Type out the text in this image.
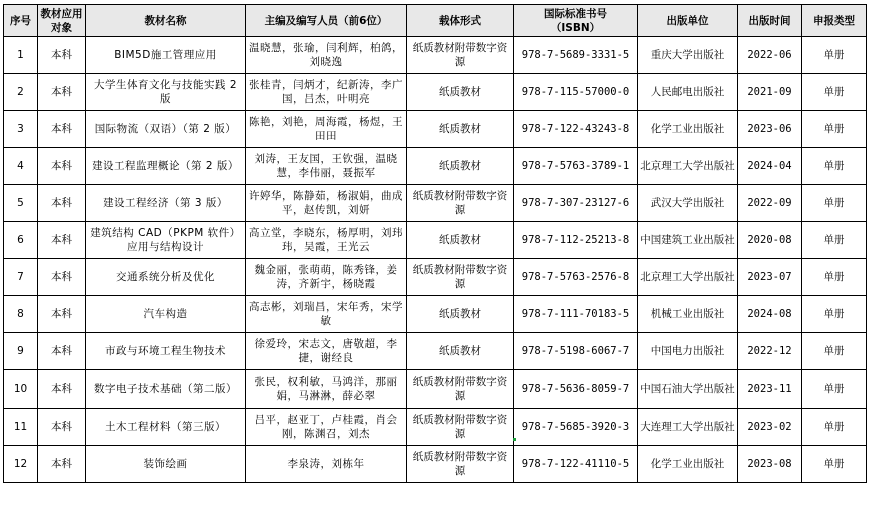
序号	教材应用对象	教材名称	主编及编写人员（前6位）	载体形式	国际标准书号
（ISBN）	出版单位	出版时间	申报类型
1	本科	BIM5D施工管理应用	温晓慧，张瑜，闫利辉，柏鸽，刘晓逸	纸质教材附带数字资源	978-7-5689-3331-5	重庆大学出版社	2022-06	单册
2	本科	大学生体育文化与技能实践 2 版	张桂青，闫炳才，纪新涛，李广国，吕杰，叶明亮	纸质教材	978-7-115-57000-0	人民邮电出版社	2021-09	单册
3	本科	国际物流（双语）（第 2 版）	陈艳，刘艳，周海霞，杨煜，王田田	纸质教材	978-7-122-43243-8	化学工业出版社	2023-06	单册
4	本科	建设工程监理概论（第 2 版）	刘涛，王友国，王钦强，温晓慧，李伟丽，聂振军	纸质教材	978-7-5763-3789-1	北京理工大学出版社	2024-04	单册
5	本科	建设工程经济（第 3 版）	许婷华，陈静茹，杨淑娟，曲成平，赵传凯，刘妍	纸质教材附带数字资源	978-7-307-23127-6	武汉大学出版社	2022-09	单册
6	本科	建筑结构 CAD（PKPM 软件）应用与结构设计	高立堂，李晓东，杨厚明，刘玮玮，吴霞，王光云	纸质教材	978-7-112-25213-8	中国建筑工业出版社	2020-08	单册
7	本科	交通系统分析及优化	魏金丽，张萌萌，陈秀锋，姜涛，齐新宇，杨晓霞	纸质教材附带数字资源	978-7-5763-2576-8	北京理工大学出版社	2023-07	单册
8	本科	汽车构造	高志彬，刘瑞昌，宋年秀，宋学敏	纸质教材	978-7-111-70183-5	机械工业出版社	2024-08	单册
9	本科	市政与环境工程生物技术	徐爱玲，宋志文，唐敬超，李捷，谢经良	纸质教材	978-7-5198-6067-7	中国电力出版社	2022-12	单册
10	本科	数字电子技术基础（第二版）	张民，权利敏，马鸿洋，那丽娟，马淋淋，薛必翠	纸质教材附带数字资源	978-7-5636-8059-7	中国石油大学出版社	2023-11	单册
11	本科	土木工程材料（第三版）	吕平，赵亚丁，卢桂霞，肖会刚，陈渊召，刘杰	纸质教材附带数字资源	978-7-5685-3920-3	大连理工大学出版社	2023-02	单册
12	本科	装饰绘画	李泉涛，刘栋年	纸质教材附带数字资源	978-7-122-41110-5	化学工业出版社	2023-08	单册
